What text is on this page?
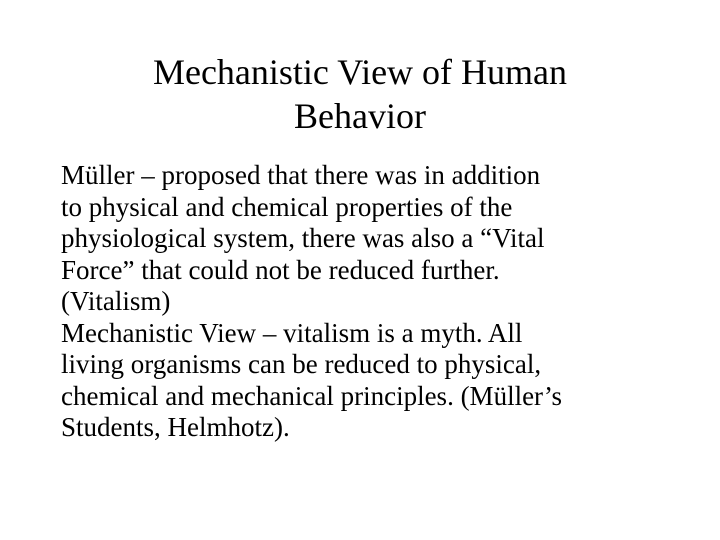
Mechanistic View of Human
Behavior
Müller – proposed that there was in addition
to physical and chemical properties of the
physiological system, there was also a “Vital
Force” that could not be reduced further.
(Vitalism)
Mechanistic View – vitalism is a myth. All
living organisms can be reduced to physical,
chemical and mechanical principles. (Müller’s
Students, Helmhotz).
